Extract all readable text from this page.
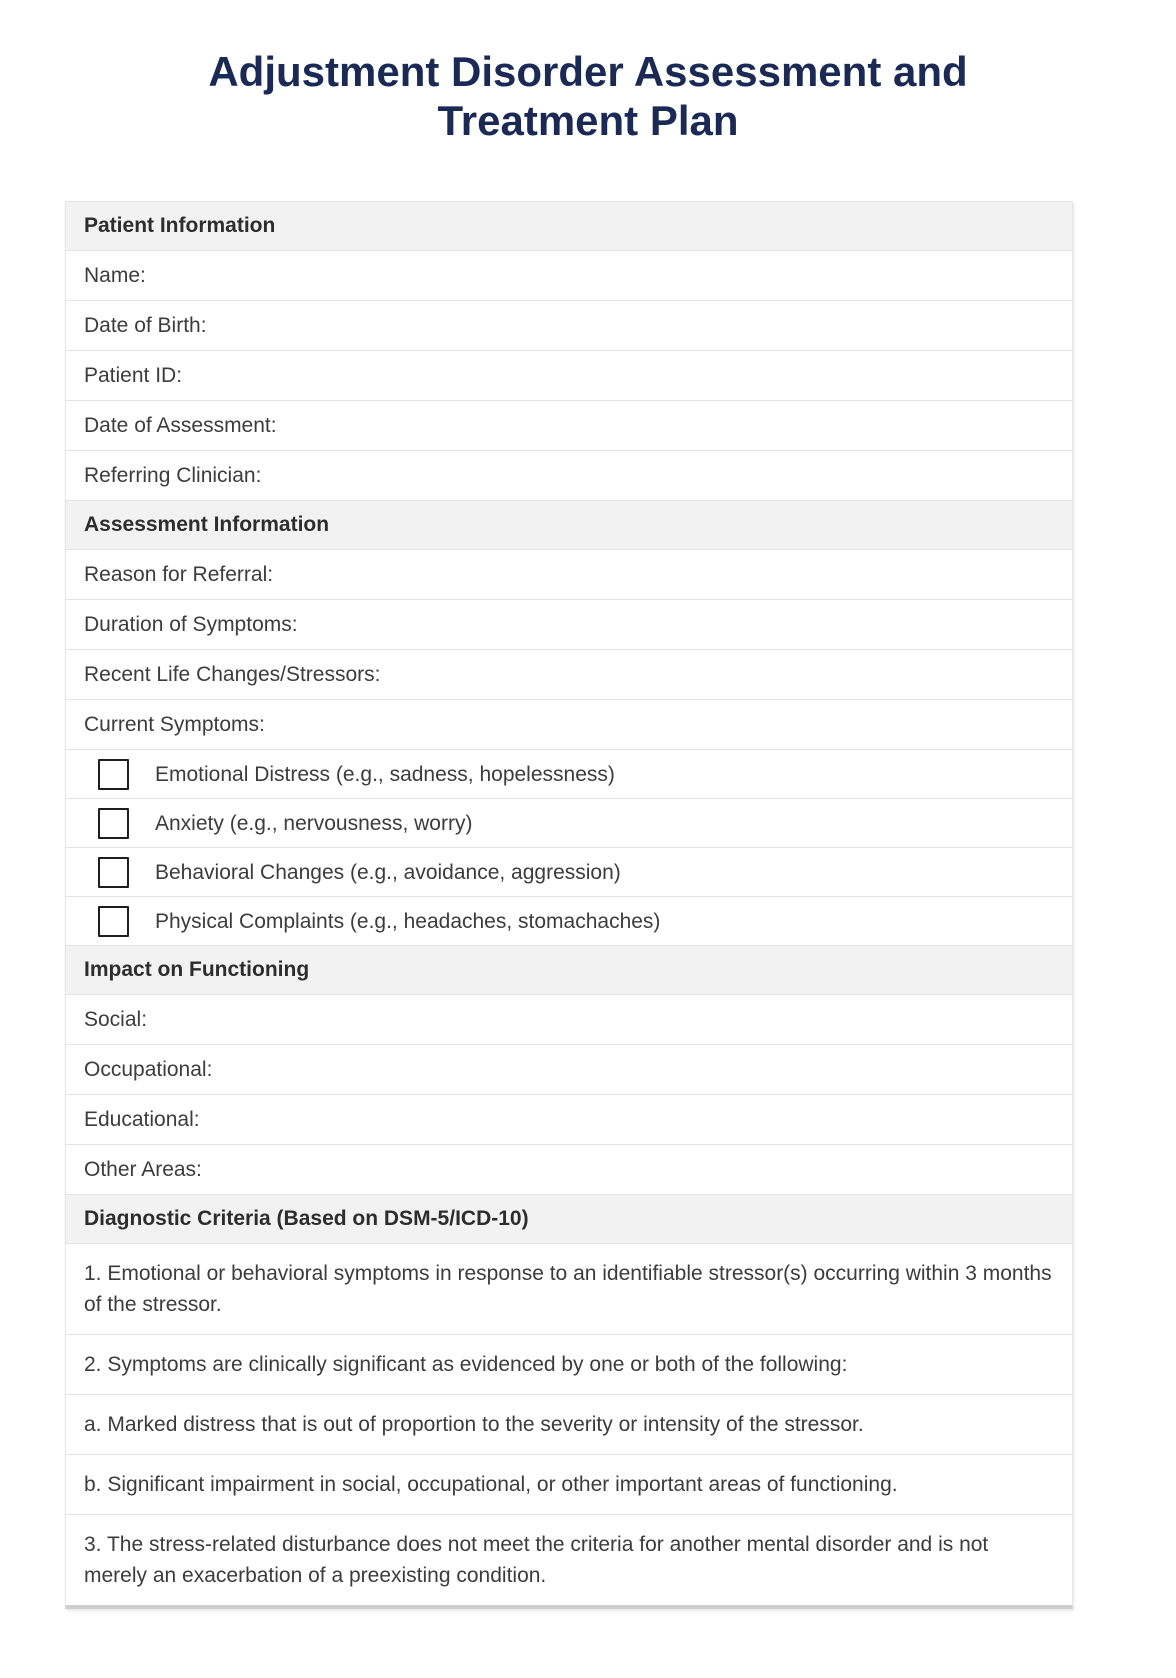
Adjustment Disorder Assessment and Treatment Plan
Patient Information
Name:
Date of Birth:
Patient ID:
Date of Assessment:
Referring Clinician:
Assessment Information
Reason for Referral:
Duration of Symptoms:
Recent Life Changes/Stressors:
Current Symptoms:
Emotional Distress (e.g., sadness, hopelessness)
Anxiety (e.g., nervousness, worry)
Behavioral Changes (e.g., avoidance, aggression)
Physical Complaints (e.g., headaches, stomachaches)
Impact on Functioning
Social:
Occupational:
Educational:
Other Areas:
Diagnostic Criteria (Based on DSM-5/ICD-10)
1. Emotional or behavioral symptoms in response to an identifiable stressor(s) occurring within 3 months of the stressor.
2. Symptoms are clinically significant as evidenced by one or both of the following:
a. Marked distress that is out of proportion to the severity or intensity of the stressor.
b. Significant impairment in social, occupational, or other important areas of functioning.
3. The stress-related disturbance does not meet the criteria for another mental disorder and is not merely an exacerbation of a preexisting condition.
